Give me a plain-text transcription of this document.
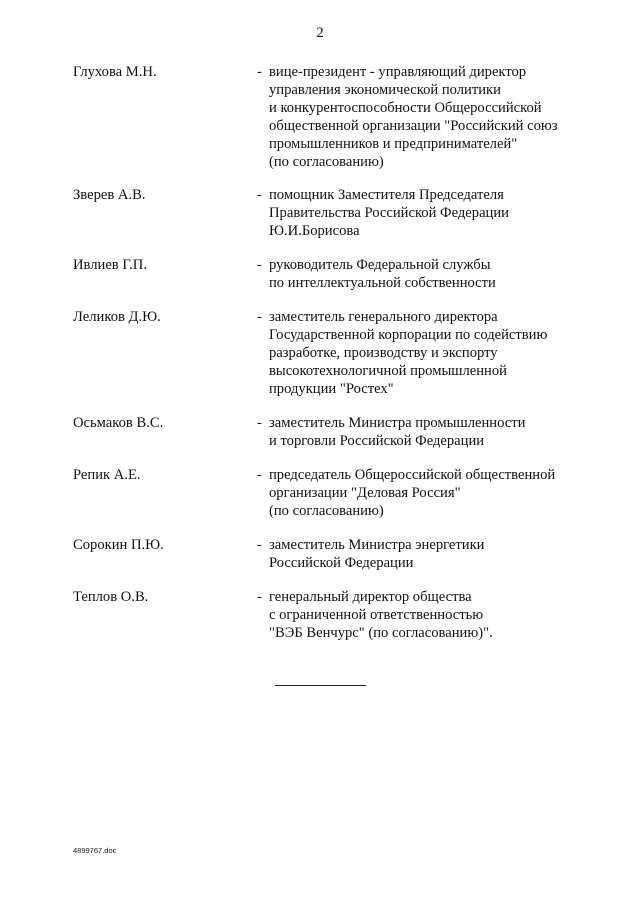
2
Глухова М.Н.	- вице-президент - управляющий директор
управления экономической политики
и конкурентоспособности Общероссийской
общественной организации "Российский союз
промышленников и предпринимателей"
(по согласованию)
Зверев А.В.	- помощник Заместителя Председателя
Правительства Российской Федерации
Ю.И.Борисова
Ивлиев Г.П.	- руководитель Федеральной службы
по интеллектуальной собственности
Леликов Д.Ю.	- заместитель генерального директора
Государственной корпорации по содействию
разработке, производству и экспорту
высокотехнологичной промышленной
продукции "Ростех"
Осьмаков В.С.	- заместитель Министра промышленности
и торговли Российской Федерации
Репик А.Е.	- председатель Общероссийской общественной
организации "Деловая Россия"
(по согласованию)
Сорокин П.Ю.	- заместитель Министра энергетики
Российской Федерации
Теплов О.В.	- генеральный директор общества
с ограниченной ответственностью
"ВЭБ Венчурс" (по согласованию)".
4899767.doc
